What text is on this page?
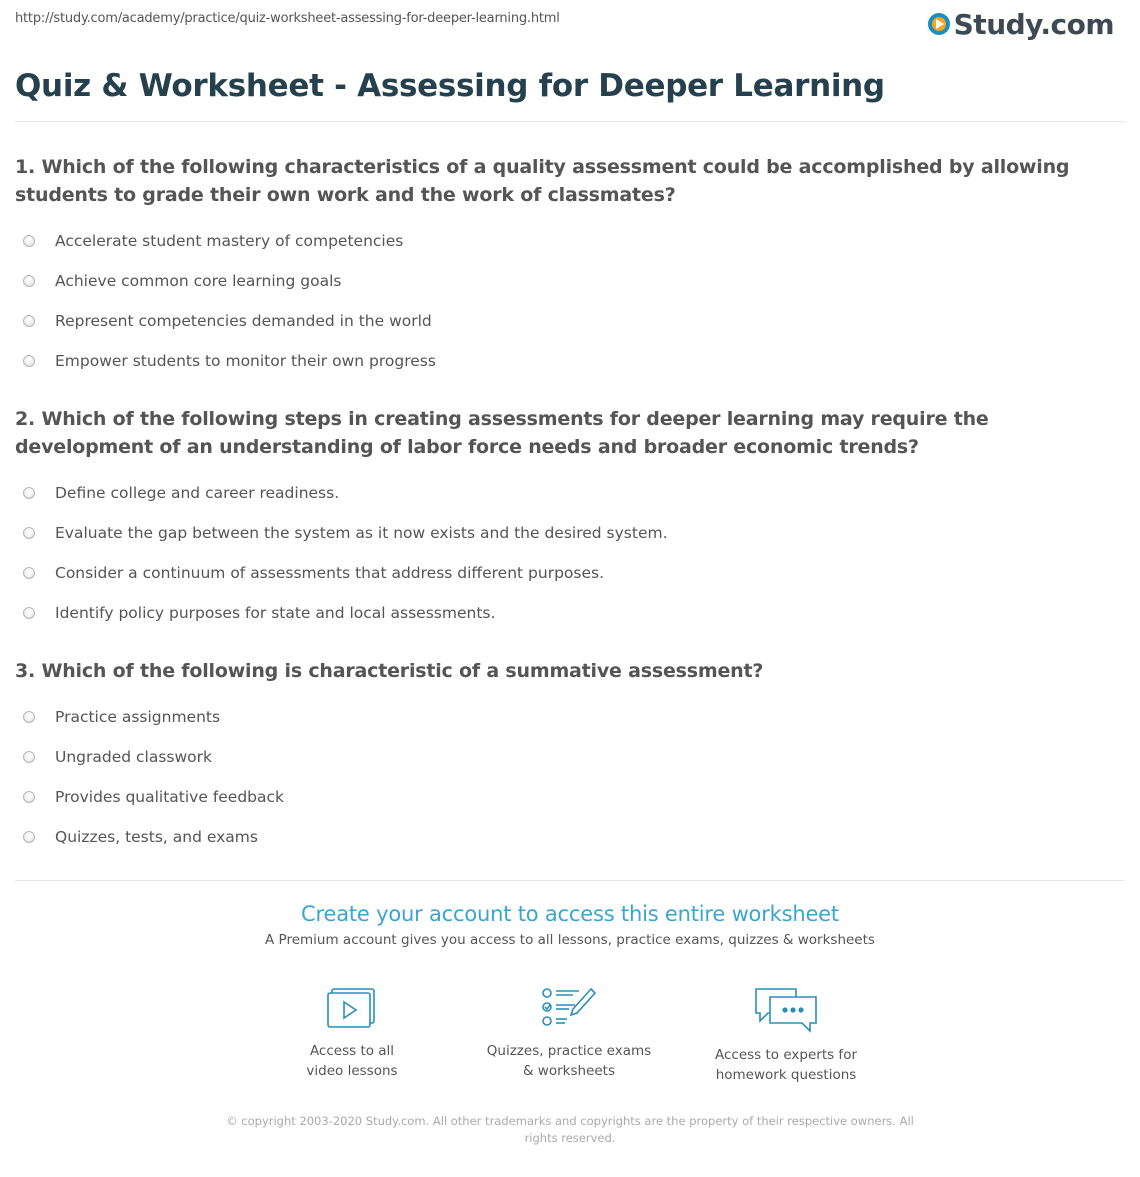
http://study.com/academy/practice/quiz-worksheet-assessing-for-deeper-learning.html	Study.com
Quiz & Worksheet - Assessing for Deeper Learning
1. Which of the following characteristics of a quality assessment could be accomplished by allowing students to grade their own work and the work of classmates?
Accelerate student mastery of competencies
Achieve common core learning goals
Represent competencies demanded in the world
Empower students to monitor their own progress
2. Which of the following steps in creating assessments for deeper learning may require the development of an understanding of labor force needs and broader economic trends?
Define college and career readiness.
Evaluate the gap between the system as it now exists and the desired system.
Consider a continuum of assessments that address different purposes.
Identify policy purposes for state and local assessments.
3. Which of the following is characteristic of a summative assessment?
Practice assignments
Ungraded classwork
Provides qualitative feedback
Quizzes, tests, and exams
Create your account to access this entire worksheet
A Premium account gives you access to all lessons, practice exams, quizzes & worksheets
Access to all
video lessons
Quizzes, practice exams
& worksheets
Access to experts for
homework questions
© copyright 2003-2020 Study.com. All other trademarks and copyrights are the property of their respective owners. All rights reserved.
